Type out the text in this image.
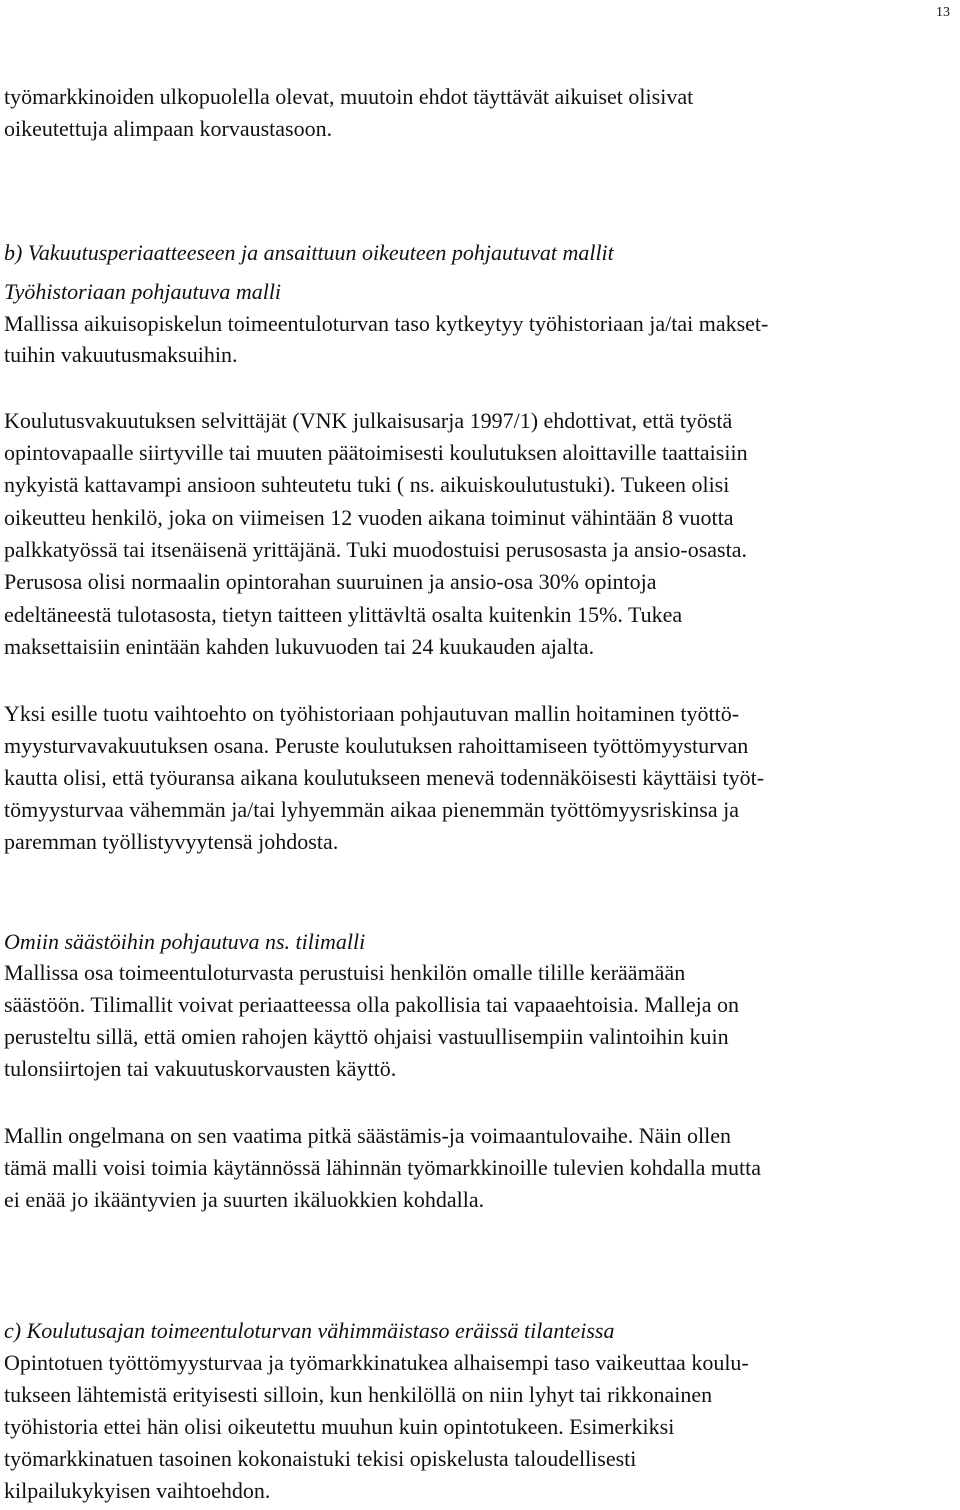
13
työmarkkinoiden ulkopuolella olevat, muutoin ehdot täyttävät aikuiset olisivat
oikeutettuja alimpaan korvaustasoon.
b) Vakuutusperiaatteeseen ja ansaittuun oikeuteen pohjautuvat mallit
Työhistoriaan pohjautuva malli
Mallissa aikuisopiskelun toimeentuloturvan taso kytkeytyy työhistoriaan ja/tai makset-
tuihin vakuutusmaksuihin.
Koulutusvakuutuksen selvittäjät (VNK julkaisusarja 1997/1) ehdottivat, että työstä
opintovapaalle siirtyville tai muuten päätoimisesti koulutuksen aloittaville taattaisiin
nykyistä kattavampi ansioon suhteutetu tuki ( ns. aikuiskoulutustuki). Tukeen olisi
oikeutteu henkilö, joka on viimeisen 12 vuoden aikana toiminut vähintään 8 vuotta
palkkatyössä tai itsenäisenä yrittäjänä. Tuki muodostuisi perusosasta ja ansio-osasta.
Perusosa olisi normaalin opintorahan suuruinen ja ansio-osa 30% opintoja
edeltäneestä tulotasosta, tietyn taitteen ylittävltä osalta kuitenkin 15%. Tukea
maksettaisiin enintään kahden lukuvuoden tai 24 kuukauden ajalta.
Yksi esille tuotu vaihtoehto on työhistoriaan pohjautuvan mallin hoitaminen työttö-
myysturvavakuutuksen osana. Peruste koulutuksen rahoittamiseen työttömyysturvan
kautta olisi, että työuransa aikana koulutukseen menevä todennäköisesti käyttäisi työt-
tömyysturvaa vähemmän ja/tai lyhyemmän aikaa pienemmän työttömyysriskinsa ja
paremman työllistyvyytensä johdosta.
Omiin säästöihin pohjautuva ns. tilimalli
Mallissa osa toimeentuloturvasta perustuisi henkilön omalle tilille keräämään
säästöön. Tilimallit voivat periaatteessa olla pakollisia tai vapaaehtoisia. Malleja on
perusteltu sillä, että omien rahojen käyttö ohjaisi vastuullisempiin valintoihin kuin
tulonsiirtojen tai vakuutuskorvausten käyttö.
Mallin ongelmana on sen vaatima pitkä säästämis-ja voimaantulovaihe. Näin ollen
tämä malli voisi toimia käytännössä lähinnän työmarkkinoille tulevien kohdalla mutta
ei enää jo ikääntyvien ja suurten ikäluokkien kohdalla.
c) Koulutusajan toimeentuloturvan vähimmäistaso eräissä tilanteissa
Opintotuen työttömyysturvaa ja työmarkkinatukea alhaisempi taso vaikeuttaa koulu-
tukseen lähtemistä erityisesti silloin, kun henkilöllä on niin lyhyt tai rikkonainen
työhistoria ettei hän olisi oikeutettu muuhun kuin opintotukeen. Esimerkiksi
työmarkkinatuen tasoinen kokonaistuki tekisi opiskelusta taloudellisesti
kilpailukykyisen vaihtoehdon.
